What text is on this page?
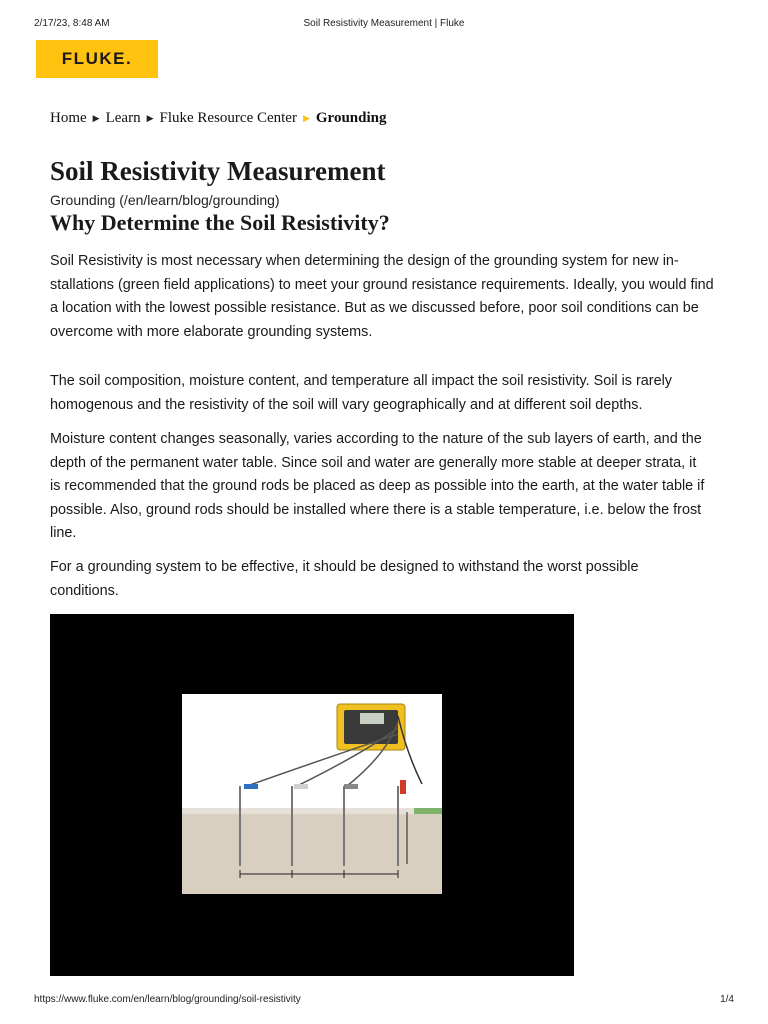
2/17/23, 8:48 AM	Soil Resistivity Measurement | Fluke
FLUKE.
Home ▶ Learn ▶ Fluke Resource Center ▶ Grounding
Soil Resistivity Measurement
Grounding (/en/learn/blog/grounding)
Why Determine the Soil Resistivity?

Soil Resistivity is most necessary when determining the design of the grounding system for new in-stallations (green field applications) to meet your ground resistance requirements. Ideally, you would find a location with the lowest possible resistance. But as we discussed before, poor soil conditions can be overcome with more elaborate grounding systems.

The soil composition, moisture content, and temperature all impact the soil resistivity. Soil is rarely homogenous and the resistivity of the soil will vary geographically and at different soil depths.

Moisture content changes seasonally, varies according to the nature of the sub layers of earth, and the depth of the permanent water table. Since soil and water are generally more stable at deeper strata, it is recommended that the ground rods be placed as deep as possible into the earth, at the water table if possible. Also, ground rods should be installed where there is a stable temperature, i.e. below the frost line.

For a grounding system to be effective, it should be designed to withstand the worst possible conditions.

https://www.fluke.com/en/learn/blog/grounding/soil-resistivity	1/4
